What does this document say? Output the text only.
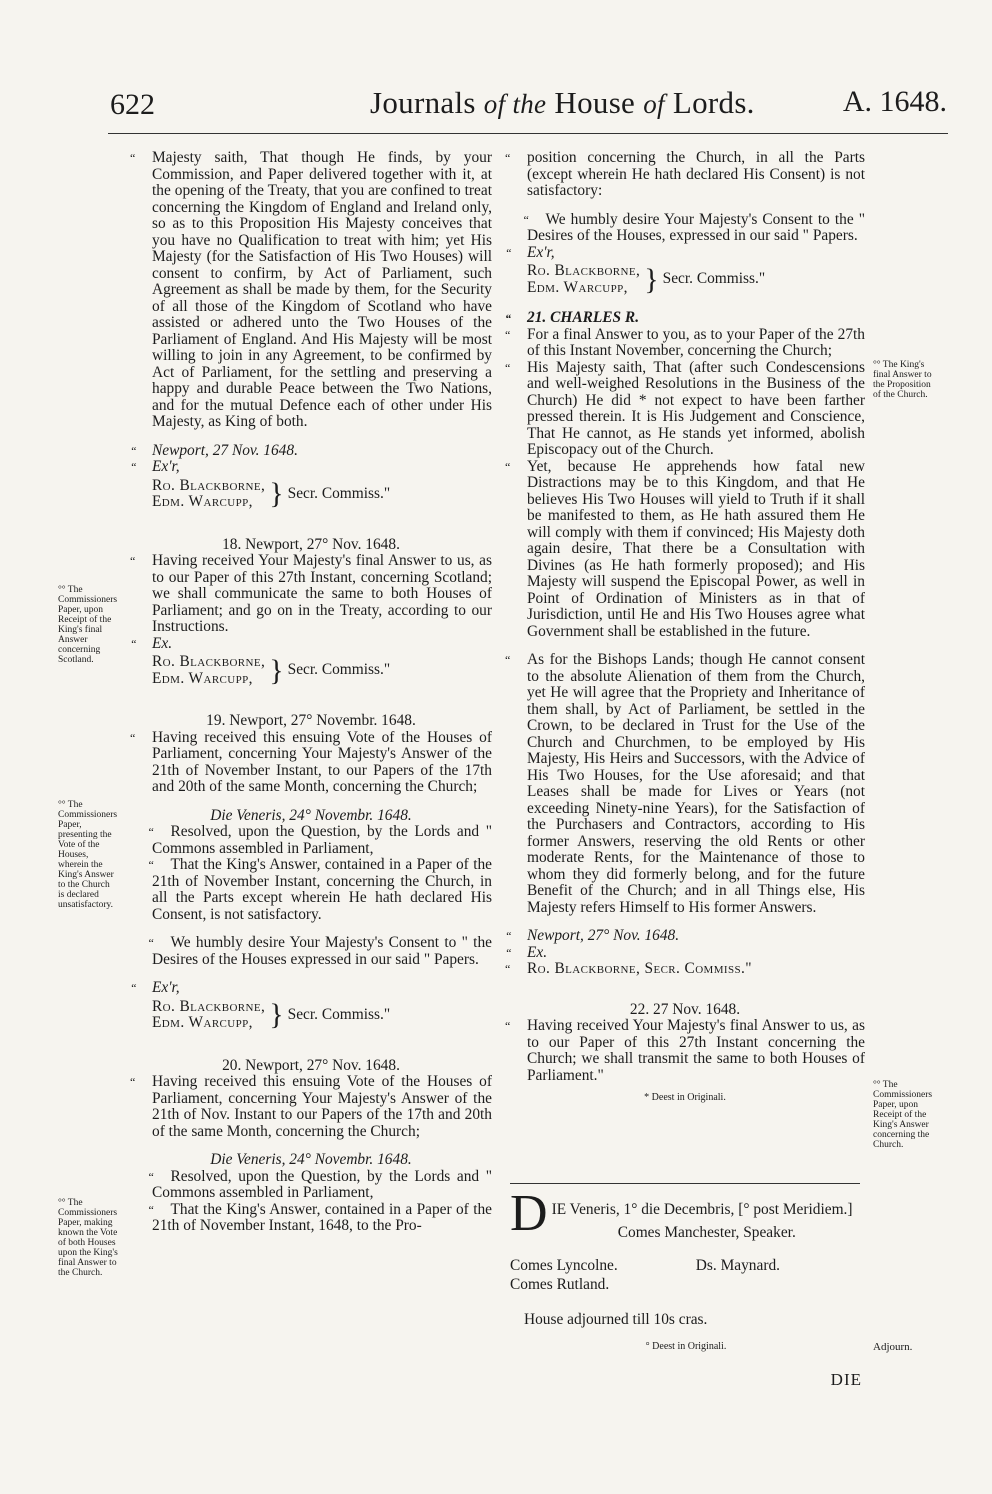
622	Journals of the House of Lords.	A. 1648.

“ Majesty saith, That though He finds, by your Commission, and Paper delivered together with it, at the opening of the Treaty, that you are confined to treat concerning the Kingdom of England and Ireland only, so as to this Proposition His Majesty conceives that you have no Qualification to treat with him; yet His Majesty (for the Satisfaction of His Two Houses) will consent to confirm, by Act of Parliament, such Agreement as shall be made by them, for the Security of all those of the Kingdom of Scotland who have assisted or adhered unto the Two Houses of the Parliament of England. And His Majesty will be most willing to join in any Agreement, to be confirmed by Act of Parliament, for the settling and preserving a happy and durable Peace between the Two Nations, and for the mutual Defence each of other under His Majesty, as King of both.

“ Newport, 27 Nov. 1648.

“ Ex'r,

Ro. Blackborne,
Edm. Warcupp, } Secr. Commiss."

18. Newport, 27° Nov. 1648.

“ Having received Your Majesty's final Answer to us, as to our Paper of this 27th Instant, concerning Scotland; we shall communicate the same to both Houses of Parliament; and go on in the Treaty, according to our Instructions.

“ Ex.

Ro. Blackborne,
Edm. Warcupp, } Secr. Commiss."

19. Newport, 27° Novembr. 1648.

“ Having received this ensuing Vote of the Houses of Parliament, concerning Your Majesty's Answer of the 21th of November Instant, to our Papers of the 17th and 20th of the same Month, concerning the Church;

Die Veneris, 24° Novembr. 1648.

“ Resolved, upon the Question, by the Lords and " Commons assembled in Parliament,

“ That the King's Answer, contained in a Paper of the 21th of November Instant, concerning the Church, in all the Parts except wherein He hath declared His Consent, is not satisfactory.

“ We humbly desire Your Majesty's Consent to " the Desires of the Houses expressed in our said " Papers.

“ Ex'r,

Ro. Blackborne,
Edm. Warcupp, } Secr. Commiss."

20. Newport, 27° Nov. 1648.

“ Having received this ensuing Vote of the Houses of Parliament, concerning Your Majesty's Answer of the 21th of Nov. Instant to our Papers of the 17th and 20th of the same Month, concerning the Church;

Die Veneris, 24° Novembr. 1648.

“ Resolved, upon the Question, by the Lords and " Commons assembled in Parliament,

“ That the King's Answer, contained in a Paper of the 21th of November Instant, 1648, to the Pro-

“ position concerning the Church, in all the Parts (except wherein He hath declared His Consent) is not satisfactory:

“ We humbly desire Your Majesty's Consent to the " Desires of the Houses, expressed in our said " Papers.

“ Ex'r,

Ro. Blackborne,
Edm. Warcupp, } Secr. Commiss."

“ 21. CHARLES R.

“ For a final Answer to you, as to your Paper of the 27th of this Instant November, concerning the Church;

“ His Majesty saith, That (after such Condescensions and well-weighed Resolutions in the Business of the Church) He did * not expect to have been farther pressed therein. It is His Judgement and Conscience, That He cannot, as He stands yet informed, abolish Episcopacy out of the Church.

“ Yet, because He apprehends how fatal new Distractions may be to this Kingdom, and that He believes His Two Houses will yield to Truth if it shall be manifested to them, as He hath assured them He will comply with them if convinced; His Majesty doth again desire, That there be a Consultation with Divines (as He hath formerly proposed); and His Majesty will suspend the Episcopal Power, as well in Point of Ordination of Ministers as in that of Jurisdiction, until He and His Two Houses agree what Government shall be established in the future.

“ As for the Bishops Lands; though He cannot consent to the absolute Alienation of them from the Church, yet He will agree that the Propriety and Inheritance of them shall, by Act of Parliament, be settled in the Crown, to be declared in Trust for the Use of the Church and Churchmen, to be employed by His Majesty, His Heirs and Successors, with the Advice of His Two Houses, for the Use aforesaid; and that Leases shall be made for Lives or Years (not exceeding Ninety-nine Years), for the Satisfaction of the Purchasers and Contractors, according to His former Answers, reserving the old Rents or other moderate Rents, for the Maintenance of those to whom they did formerly belong, and for the future Benefit of the Church; and in all Things else, His Majesty refers Himself to His former Answers.

“ Newport, 27° Nov. 1648.

“ Ex.

“ Ro. Blackborne, Secr. Commiss."

22. 27 Nov. 1648.

“ Having received Your Majesty's final Answer to us, as to our Paper of this 27th Instant concerning the Church; we shall transmit the same to both Houses of Parliament."

* Deest in Originali.

D IE Veneris, 1° die Decembris, [° post Meridiem.]
Comes Manchester, Speaker.
Comes Lyncolne.
Comes Rutland.
Ds. Maynard.
House adjourned till 10s cras.
° Deest in Originali.
DIE
°° The Commissioners Paper, upon Receipt of the King's final Answer concerning Scotland.
°° The Commissioners Paper, presenting the Vote of the Houses, wherein the King's Answer to the Church is declared unsatisfactory.
°° The Commissioners Paper, making known the Vote of both Houses upon the King's final Answer to the Church.
°° The King's final Answer to the Proposition of the Church.
°° The Commissioners Paper, upon Receipt of the King's Answer concerning the Church.
Adjourn.
